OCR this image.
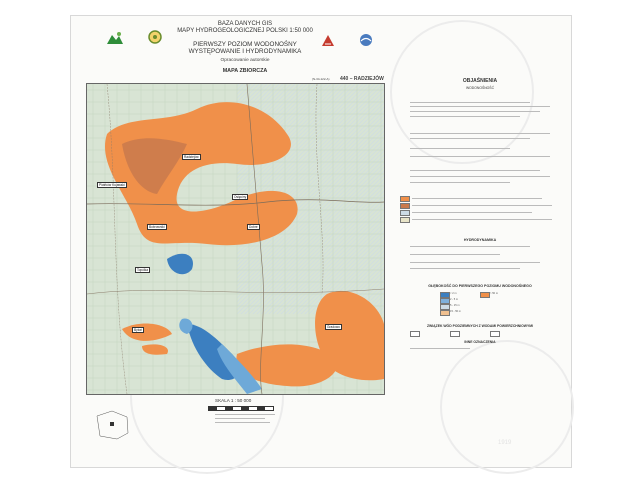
BAZA DANYCH GIS
MAPY HYDROGEOLOGICZNEJ POLSKI 1:50 000
PIERWSZY POZIOM WODONOŚNY
WYSTĘPOWANIE I HYDRODYNAMIKA
Opracowanie autorskie
MAPA ZBIORCZA
(N-34-122-A) 440 – RADZIEJÓW
Piotrków Kujawski
Radziejów
Osięciny
Dobre
Topólka
Bytoń
Gradowo
Bobrowniki
OBJAŚNIENIA
WODONOŚNOŚĆ
HYDRODYNAMIKA
GŁĘBOKOŚĆ DO PIERWSZEGO POZIOMU WODONOŚNEGO
< 2 m
2 - 5 m
5 - 15 m
15 - 50 m
> 50 m
ZWIĄZEK WÓD PODZIEMNYCH Z WODAMI POWIERZCHNIOWYMI
INNE OZNACZENIA
SKALA 1 : 50 000
1919
